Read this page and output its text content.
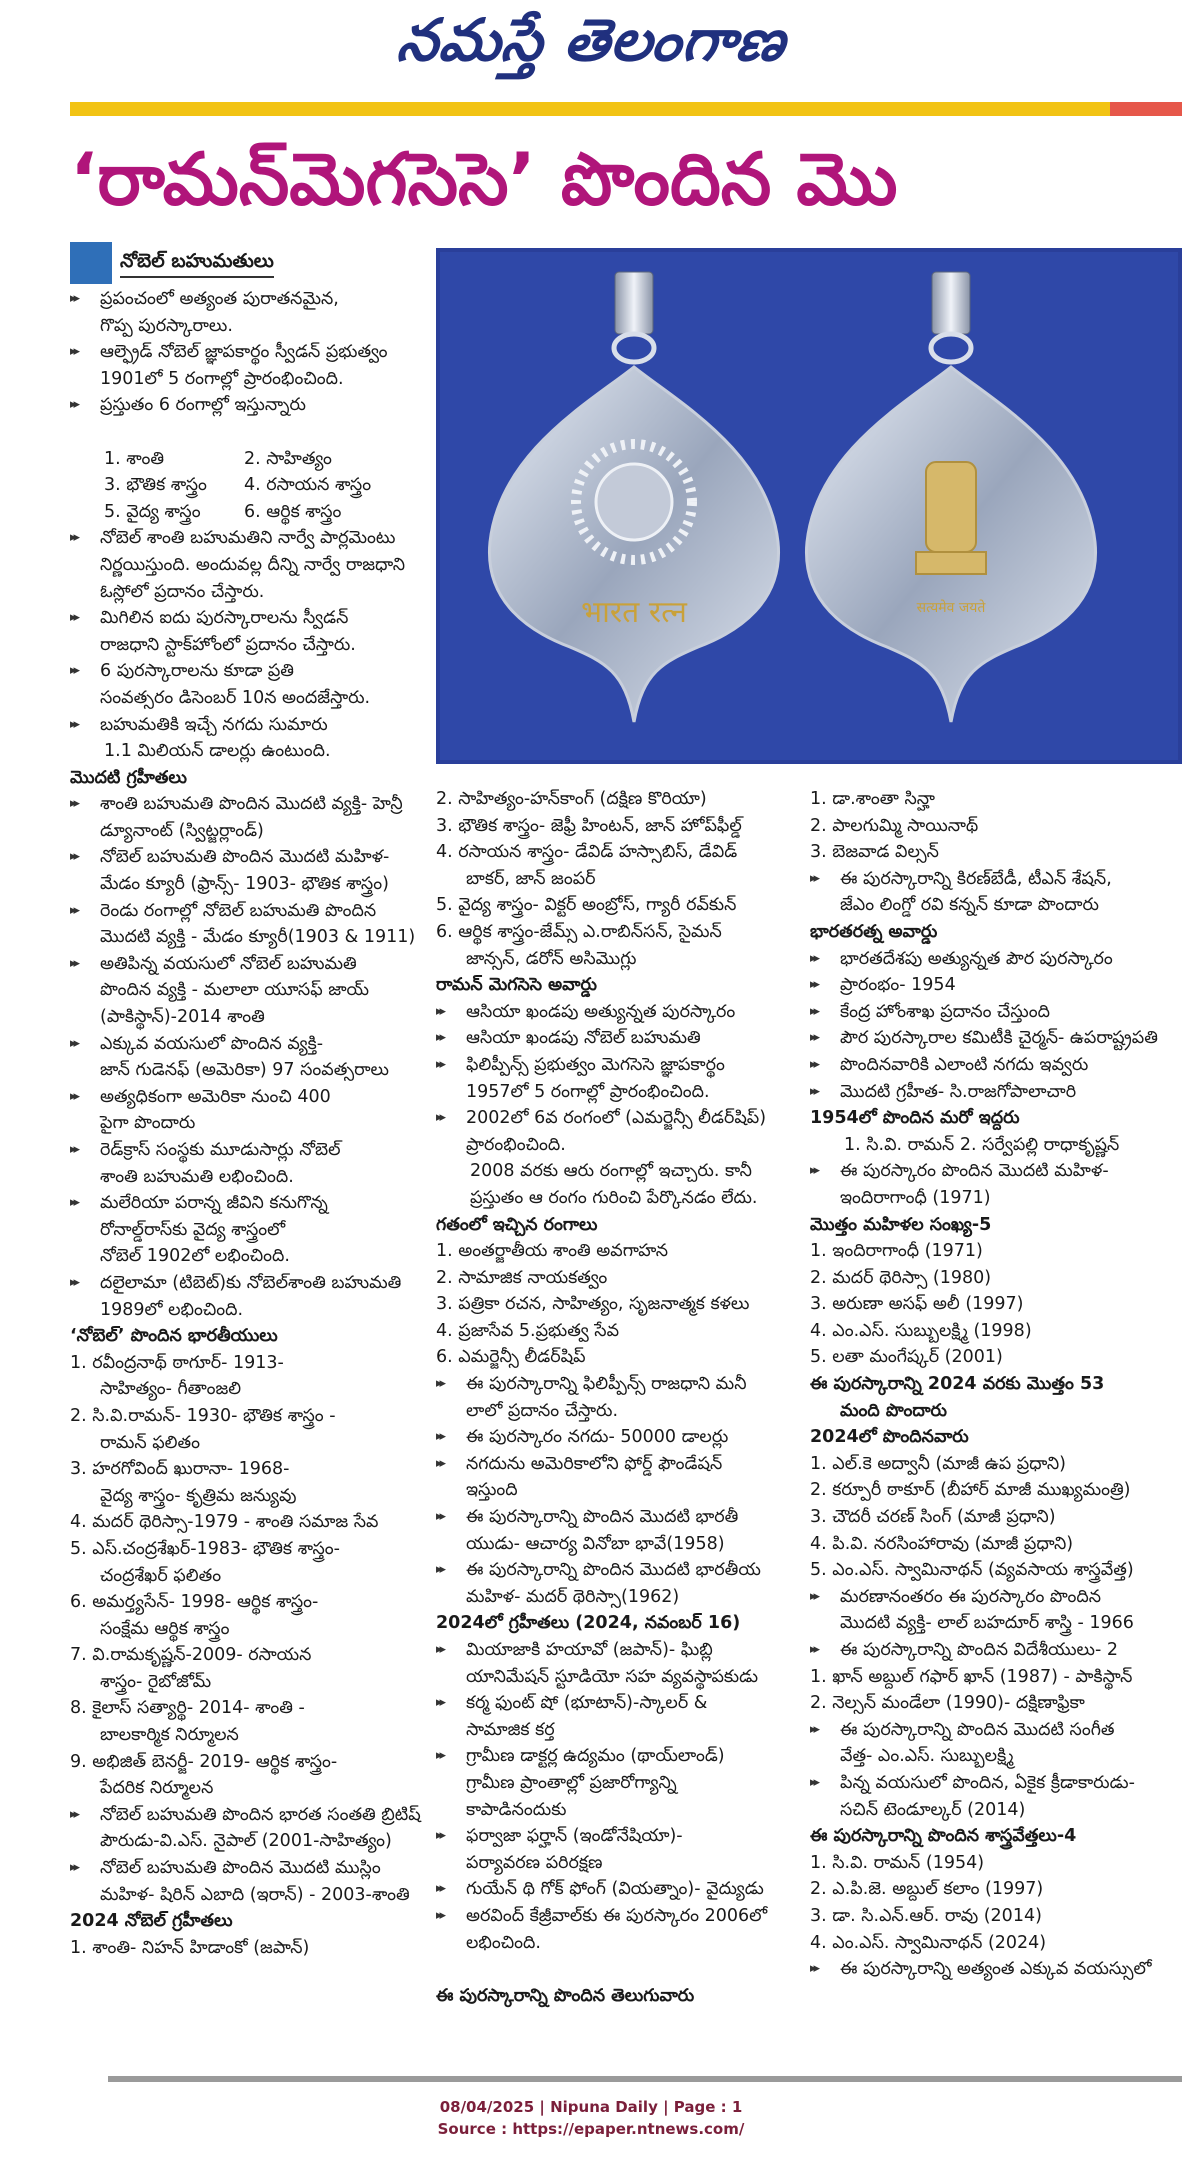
నమస్తే తెలంగాణ
‘రామన్‌మెగసెసె’ పొందిన మొ
నోబెల్ బహుమతులు
▸▸ ప్రపంచంలో అత్యంత పురాతనమైన,
గొప్ప పురస్కారాలు.
▸▸ ఆల్ఫ్రెడ్ నోబెల్ జ్ఞాపకార్థం స్వీడన్ ప్రభుత్వం
1901లో 5 రంగాల్లో ప్రారంభించింది.
▸▸ ప్రస్తుతం 6 రంగాల్లో ఇస్తున్నారు

1. శాంతి	2. సాహిత్యం
3. భౌతిక శాస్త్రం	4. రసాయన శాస్త్రం
5. వైద్య శాస్త్రం	6. ఆర్థిక శాస్త్రం
▸▸ నోబెల్ శాంతి బహుమతిని నార్వే పార్లమెంటు
నిర్ణయిస్తుంది. అందువల్ల దీన్ని నార్వే రాజధాని
ఓస్లోలో ప్రదానం చేస్తారు.
▸▸ మిగిలిన ఐదు పురస్కారాలను స్వీడన్
రాజధాని స్టాక్‌హోంలో ప్రదానం చేస్తారు.
▸▸ 6 పురస్కారాలను కూడా ప్రతి
సంవత్సరం డిసెంబర్ 10న అందజేస్తారు.
▸▸ బహుమతికి ఇచ్చే నగదు సుమారు
1.1 మిలియన్ డాలర్లు ఉంటుంది.
మొదటి గ్రహీతలు
▸▸ శాంతి బహుమతి పొందిన మొదటి వ్యక్తి- హెన్రీ
డ్యూనాంట్ (స్విట్జర్లాండ్)
▸▸ నోబెల్ బహుమతి పొందిన మొదటి మహిళ-
మేడం క్యూరీ (ఫ్రాన్స్- 1903- భౌతిక శాస్త్రం)
▸▸ రెండు రంగాల్లో నోబెల్ బహుమతి పొందిన
మొదటి వ్యక్తి - మేడం క్యూరీ(1903 & 1911)
▸▸ అతిపిన్న వయసులో నోబెల్ బహుమతి
పొందిన వ్యక్తి - మలాలా యూసఫ్ జాయ్
(పాకిస్థాన్)-2014 శాంతి
▸▸ ఎక్కువ వయసులో పొందిన వ్యక్తి-
జాన్ గుడెనఫ్ (అమెరికా) 97 సంవత్సరాలు
▸▸ అత్యధికంగా అమెరికా నుంచి 400
పైగా పొందారు
▸▸ రెడ్‌క్రాస్ సంస్థకు మూడుసార్లు నోబెల్
శాంతి బహుమతి లభించింది.
▸▸ మలేరియా పరాన్న జీవిని కనుగొన్న
రోనాల్డ్‌రాస్‌కు వైద్య శాస్త్రంలో
నోబెల్ 1902లో లభించింది.
▸▸ దలైలామా (టిబెట్)కు నోబెల్‌శాంతి బహుమతి
1989లో లభించింది.
‘నోబెల్’ పొందిన భారతీయులు
1. రవీంద్రనాథ్ ఠాగూర్- 1913-
సాహిత్యం- గీతాంజలి
2. సి.వి.రామన్- 1930- భౌతిక శాస్త్రం -
రామన్ ఫలితం
3. హరగోవింద్ ఖురానా- 1968-
వైద్య శాస్త్రం- కృత్రిమ జన్యువు
4. మదర్ థెరిస్సా-1979 - శాంతి సమాజ సేవ
5. ఎస్.చంద్రశేఖర్-1983- భౌతిక శాస్త్రం-
చంద్రశేఖర్ ఫలితం
6. అమర్త్యసేన్- 1998- ఆర్థిక శాస్త్రం-
సంక్షేమ ఆర్థిక శాస్త్రం
7. వి.రామకృష్ణన్-2009- రసాయన
శాస్త్రం- రైబోజోమ్
8. కైలాస్ సత్యార్థి- 2014- శాంతి -
బాలకార్మిక నిర్మూలన
9. అభిజిత్ బెనర్జీ- 2019- ఆర్థిక శాస్త్రం-
పేదరిక నిర్మూలన
▸▸ నోబెల్ బహుమతి పొందిన భారత సంతతి బ్రిటిష్
పౌరుడు-వి.ఎస్. నైపాల్ (2001-సాహిత్యం)
▸▸ నోబెల్ బహుమతి పొందిన మొదటి ముస్లిం
మహిళ- షిరిన్ ఎబాది (ఇరాన్) - 2003-శాంతి
2024 నోబెల్ గ్రహీతలు
1. శాంతి- నిహన్ హిడాంకో (జపాన్)
भारत रत्न	सत्यमेव जयते
2. సాహిత్యం-హన్‌కాంగ్ (దక్షిణ కొరియా)
3. భౌతిక శాస్త్రం- జెఫ్రీ హింటన్, జాన్ హోప్‌ఫీల్డ్
4. రసాయన శాస్త్రం- డేవిడ్ హస్సాబిస్, డేవిడ్
బాకర్, జాన్ జంపర్
5. వైద్య శాస్త్రం- విక్టర్ అంబ్రోస్, గ్యారీ రవ్‌కున్
6. ఆర్థిక శాస్త్రం-జేమ్స్ ఎ.రాబిన్‌సన్, సైమన్
జాన్సన్, డరోన్ అసిమొగ్లు
రామన్ మెగసెసె అవార్డు
▸▸ ఆసియా ఖండపు అత్యున్నత పురస్కారం
▸▸ ఆసియా ఖండపు నోబెల్ బహుమతి
▸▸ ఫిలిప్పీన్స్ ప్రభుత్వం మెగసెసె జ్ఞాపకార్థం
1957లో 5 రంగాల్లో ప్రారంభించింది.
▸▸ 2002లో 6వ రంగంలో (ఎమర్జెన్సీ లీడర్‌షిప్)
ప్రారంభించింది.
2008 వరకు ఆరు రంగాల్లో ఇచ్చారు. కానీ
ప్రస్తుతం ఆ రంగం గురించి పేర్కొనడం లేదు.
గతంలో ఇచ్చిన రంగాలు
1. అంతర్జాతీయ శాంతి అవగాహన
2. సామాజిక నాయకత్వం
3. పత్రికా రచన, సాహిత్యం, సృజనాత్మక కళలు
4. ప్రజాసేవ 5.ప్రభుత్వ సేవ
6. ఎమర్జెన్సీ లీడర్‌షిప్
▸▸ ఈ పురస్కారాన్ని ఫిలిప్పీన్స్ రాజధాని మనీ
లాలో ప్రదానం చేస్తారు.
▸▸ ఈ పురస్కారం నగదు- 50000 డాలర్లు
▸▸ నగదును అమెరికాలోని ఫోర్డ్ ఫౌండేషన్
ఇస్తుంది
▸▸ ఈ పురస్కారాన్ని పొందిన మొదటి భారతీ
యుడు- ఆచార్య వినోబా భావే(1958)
▸▸ ఈ పురస్కారాన్ని పొందిన మొదటి భారతీయ
మహిళ- మదర్ థెరిస్సా(1962)
2024లో గ్రహీతలు (2024, నవంబర్ 16)
▸▸ మియాజాకి హయావో (జపాన్)- ఘిబ్లి
యానిమేషన్ స్టూడియో సహ వ్యవస్థాపకుడు
▸▸ కర్మ ఫుంట్ షో (భూటాన్)-స్కాలర్ &
సామాజిక కర్త
▸▸ గ్రామీణ డాక్టర్ల ఉద్యమం (థాయ్‌లాండ్)
గ్రామీణ ప్రాంతాల్లో ప్రజారోగ్యాన్ని
కాపాడినందుకు
▸▸ ఫర్వాజా ఫర్హాన్ (ఇండోనేషియా)-
పర్యావరణ పరిరక్షణ
▸▸ గుయేన్ థి గోక్ ఫోంగ్ (వియత్నాం)- వైద్యుడు
▸▸ అరవింద్ కేజ్రీవాల్‌కు ఈ పురస్కారం 2006లో
లభించింది.

ఈ పురస్కారాన్ని పొందిన తెలుగువారు
1. డా.శాంతా సిన్హా
2. పాలగుమ్మి సాయినాథ్
3. బెజవాడ విల్సన్
▸▸ ఈ పురస్కారాన్ని కిరణ్‌బేడీ, టీఎన్ శేషన్,
జేఎం లింగ్డో రవి కన్నన్ కూడా పొందారు
భారతరత్న అవార్డు
▸▸ భారతదేశపు అత్యున్నత పౌర పురస్కారం
▸▸ ప్రారంభం- 1954
▸▸ కేంద్ర హోంశాఖ ప్రదానం చేస్తుంది
▸▸ పౌర పురస్కారాల కమిటీకి చైర్మన్- ఉపరాష్ట్రపతి
▸▸ పొందినవారికి ఎలాంటి నగదు ఇవ్వరు
▸▸ మొదటి గ్రహీత- సి.రాజగోపాలాచారి
1954లో పొందిన మరో ఇద్దరు
1. సి.వి. రామన్ 2. సర్వేపల్లి రాధాకృష్ణన్
▸▸ ఈ పురస్కారం పొందిన మొదటి మహిళ-
ఇందిరాగాంధీ (1971)
మొత్తం మహిళల సంఖ్య-5
1. ఇందిరాగాంధీ (1971)
2. మదర్ థెరిస్సా (1980)
3. అరుణా అసఫ్ అలీ (1997)
4. ఎం.ఎస్. సుబ్బులక్ష్మి (1998)
5. లతా మంగేష్కర్ (2001)
ఈ పురస్కారాన్ని 2024 వరకు మొత్తం 53
మంది పొందారు
2024లో పొందినవారు
1. ఎల్.కె అద్వానీ (మాజీ ఉప ప్రధాని)
2. కర్పూరీ ఠాకూర్ (బీహార్ మాజీ ముఖ్యమంత్రి)
3. చౌదరీ చరణ్ సింగ్ (మాజీ ప్రధాని)
4. పి.వి. నరసింహారావు (మాజీ ప్రధాని)
5. ఎం.ఎస్. స్వామినాథన్ (వ్యవసాయ శాస్త్రవేత్త)
▸▸ మరణానంతరం ఈ పురస్కారం పొందిన
మొదటి వ్యక్తి- లాల్ బహదూర్ శాస్త్రి - 1966
▸▸ ఈ పురస్కారాన్ని పొందిన విదేశీయులు- 2
1. ఖాన్ అబ్దుల్ గఫార్ ఖాన్ (1987) - పాకిస్థాన్
2. నెల్సన్ మండేలా (1990)- దక్షిణాఫ్రికా
▸▸ ఈ పురస్కారాన్ని పొందిన మొదటి సంగీత
వేత్త- ఎం.ఎస్. సుబ్బులక్ష్మి
▸▸ పిన్న వయసులో పొందిన, ఏకైక క్రీడాకారుడు-
సచిన్ టెండూల్కర్ (2014)
ఈ పురస్కారాన్ని పొందిన శాస్త్రవేత్తలు-4
1. సి.వి. రామన్ (1954)
2. ఎ.పి.జె. అబ్దుల్ కలాం (1997)
3. డా. సి.ఎన్.ఆర్. రావు (2014)
4. ఎం.ఎస్. స్వామినాథన్ (2024)
▸▸ ఈ పురస్కారాన్ని అత్యంత ఎక్కువ వయస్సులో
08/04/2025 | Nipuna Daily | Page : 1
Source : https://epaper.ntnews.com/
